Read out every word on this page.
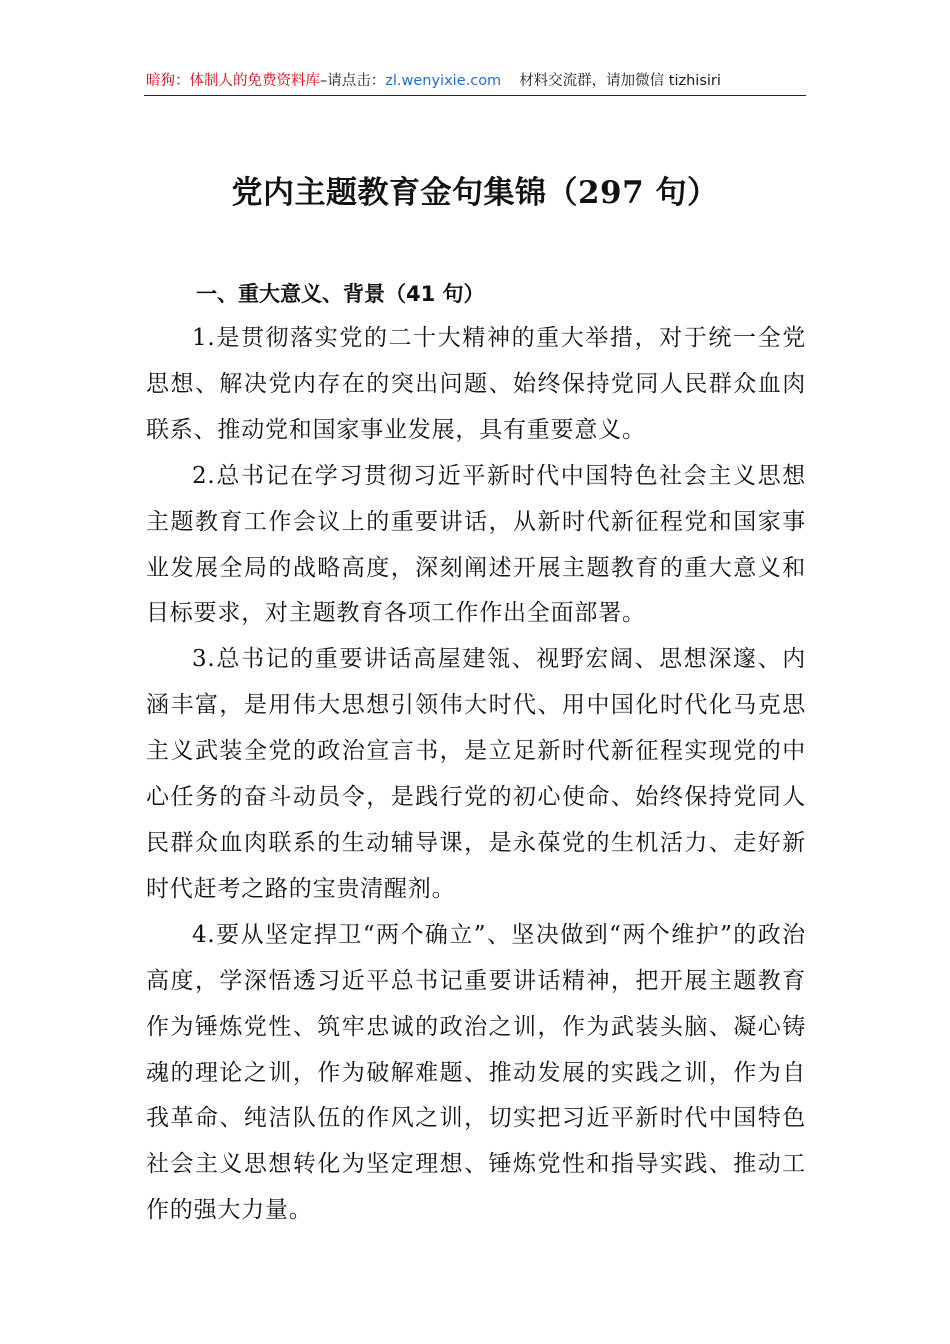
暗狗：体制人的免费资料库–请点击：zl.wenyixie.com 材料交流群，请加微信 tizhisiri
党内主题教育金句集锦（297 句）
一、重大意义、背景（41 句）

1.是贯彻落实党的二十大精神的重大举措，对于统一全党思想、解决党内存在的突出问题、始终保持党同人民群众血肉联系、推动党和国家事业发展，具有重要意义。

2.总书记在学习贯彻习近平新时代中国特色社会主义思想主题教育工作会议上的重要讲话，从新时代新征程党和国家事业发展全局的战略高度，深刻阐述开展主题教育的重大意义和目标要求，对主题教育各项工作作出全面部署。

3.总书记的重要讲话高屋建瓴、视野宏阔、思想深邃、内涵丰富，是用伟大思想引领伟大时代、用中国化时代化马克思主义武装全党的政治宣言书，是立足新时代新征程实现党的中心任务的奋斗动员令，是践行党的初心使命、始终保持党同人民群众血肉联系的生动辅导课，是永葆党的生机活力、走好新时代赶考之路的宝贵清醒剂。

4.要从坚定捍卫“两个确立”、坚决做到“两个维护”的政治高度，学深悟透习近平总书记重要讲话精神，把开展主题教育作为锤炼党性、筑牢忠诚的政治之训，作为武装头脑、凝心铸魂的理论之训，作为破解难题、推动发展的实践之训，作为自我革命、纯洁队伍的作风之训，切实把习近平新时代中国特色社会主义思想转化为坚定理想、锤炼党性和指导实践、推动工作的强大力量。
